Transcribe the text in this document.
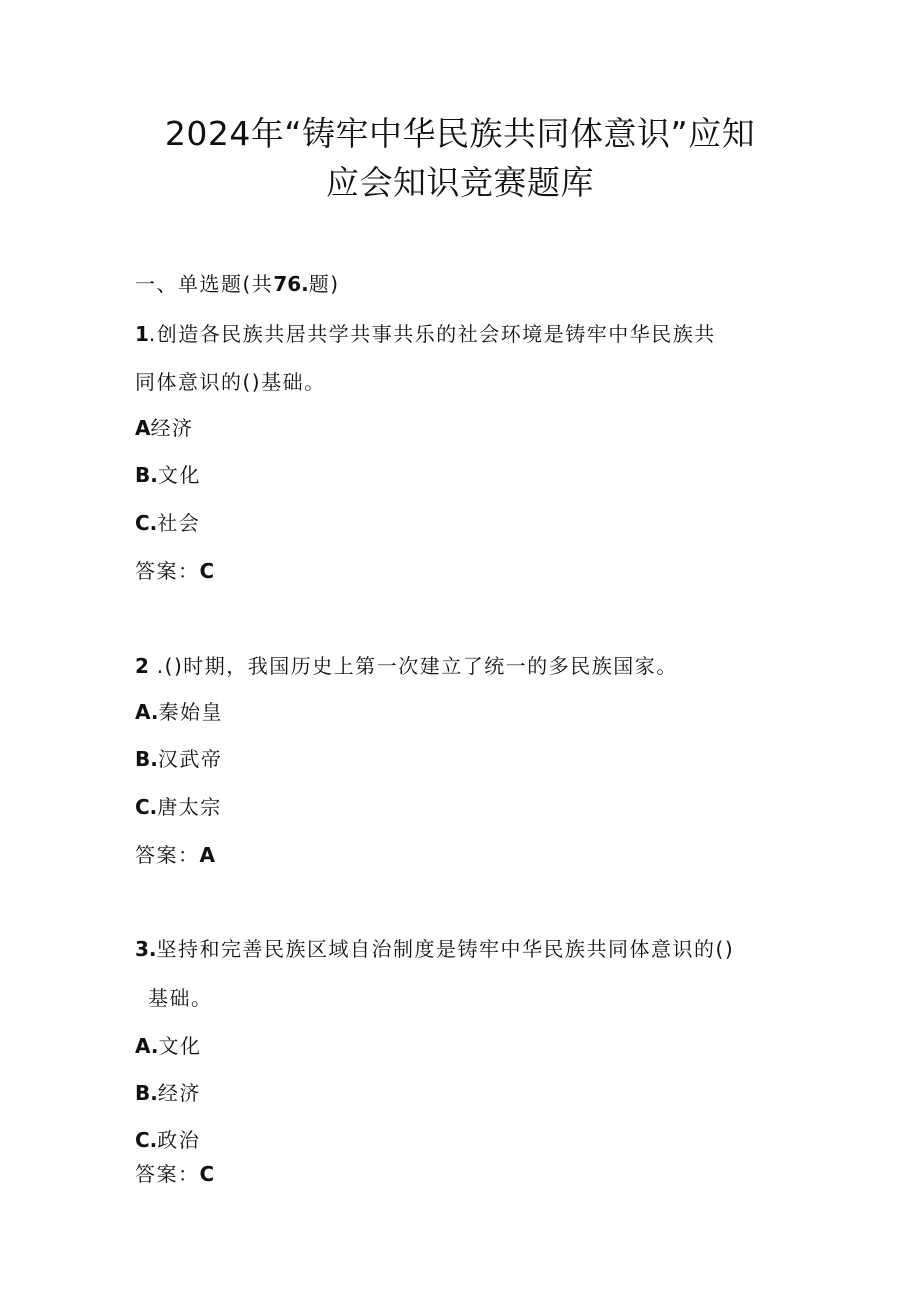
2024年“铸牢中华民族共同体意识”应知
应会知识竞赛题库
一、单选题(共76.题)
1.创造各民族共居共学共事共乐的社会环境是铸牢中华民族共
同体意识的()基础。
A经济
B.文化
C.社会
答案：C
2 .()时期，我国历史上第一次建立了统一的多民族国家。
A.秦始皇
B.汉武帝
C.唐太宗
答案：A
3.坚持和完善民族区域自治制度是铸牢中华民族共同体意识的()
基础。
A.文化
B.经济
C.政治
答案：C
